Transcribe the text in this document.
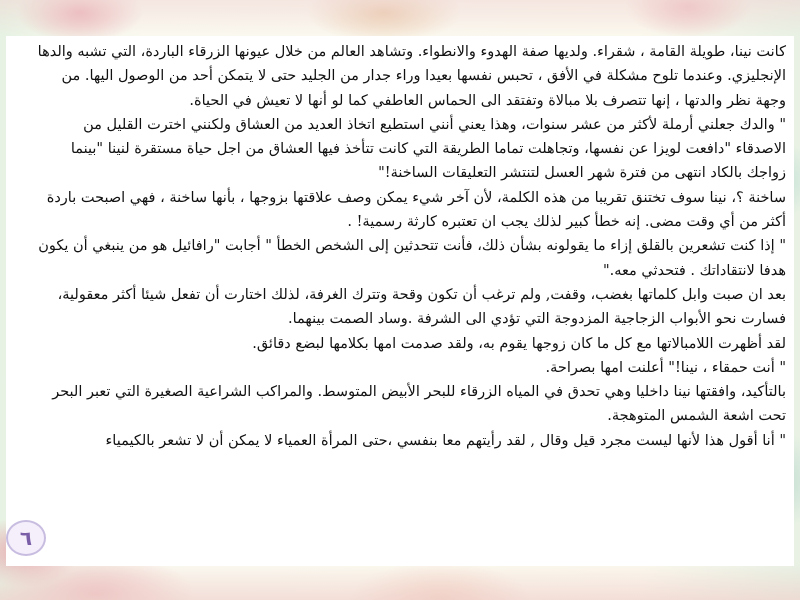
كانت نينا، طويلة القامة ، شقراء. ولديها صفة الهدوء والانطواء. وتشاهد العالم من خلال عيونها الزرقاء الباردة، التي تشبه والدها الإنجليزي. وعندما تلوح مشكلة في الأفق ، تحبس نفسها بعيدا وراء جدار من الجليد حتى لا يتمكن أحد من الوصول اليها. من وجهة نظر والدتها ، إنها تتصرف بلا مبالاة وتفتقد الى الحماس العاطفي كما لو أنها لا تعيش في الحياة.

" والدك جعلني أرملة لأكثر من عشر سنوات، وهذا يعني أنني استطيع اتخاذ العديد من العشاق ولكنني اخترت القليل من الاصدقاء "دافعت لويزا عن نفسها، وتجاهلت تماما الطريقة التي كانت تتأخذ فيها العشاق من اجل حياة مستقرة لنينا "بينما زواجك بالكاد انتهى من فترة شهر العسل لتنتشر التعليقات الساخنة!"

ساخنة ؟، نينا سوف تختنق تقريبا من هذه الكلمة، لأن آخر شيء يمكن وصف علاقتها بزوجها ، بأنها ساخنة ، فهي اصبحت باردة أكثر من أي وقت مضى. إنه خطأ كبير لذلك يجب ان تعتبره كارثة رسمية! .

" إذا كنت تشعرين بالقلق إزاء ما يقولونه بشأن ذلك، فأنت تتحدثين إلى الشخص الخطأ " أجابت "رافائيل هو من ينبغي أن يكون هدفا لانتقاداتك . فتحدثي معه."

بعد ان صبت وابل كلماتها بغضب، وقفت, ولم ترغب أن تكون وقحة وتترك الغرفة، لذلك اختارت أن تفعل شيئا أكثر معقولية، فسارت نحو الأبواب الزجاجية المزدوجة التي تؤدي الى الشرفة .وساد الصمت بينهما.

لقد أظهرت اللامبالاتها مع كل ما كان زوجها يقوم به، ولقد صدمت امها بكلامها لبضع دقائق.

" أنت حمقاء ، نينا!" أعلنت امها بصراحة.

بالتأكيد، وافقتها نينا داخليا وهي تحدق في المياه الزرقاء للبحر الأبيض المتوسط. والمراكب الشراعية الصغيرة التي تعبر البحر تحت اشعة الشمس المتوهجة.

" أنا أقول هذا لأنها ليست مجرد قيل وقال , لقد رأيتهم معا بنفسي ،حتى المرأة العمياء لا يمكن أن لا تشعر بالكيمياء

٦
